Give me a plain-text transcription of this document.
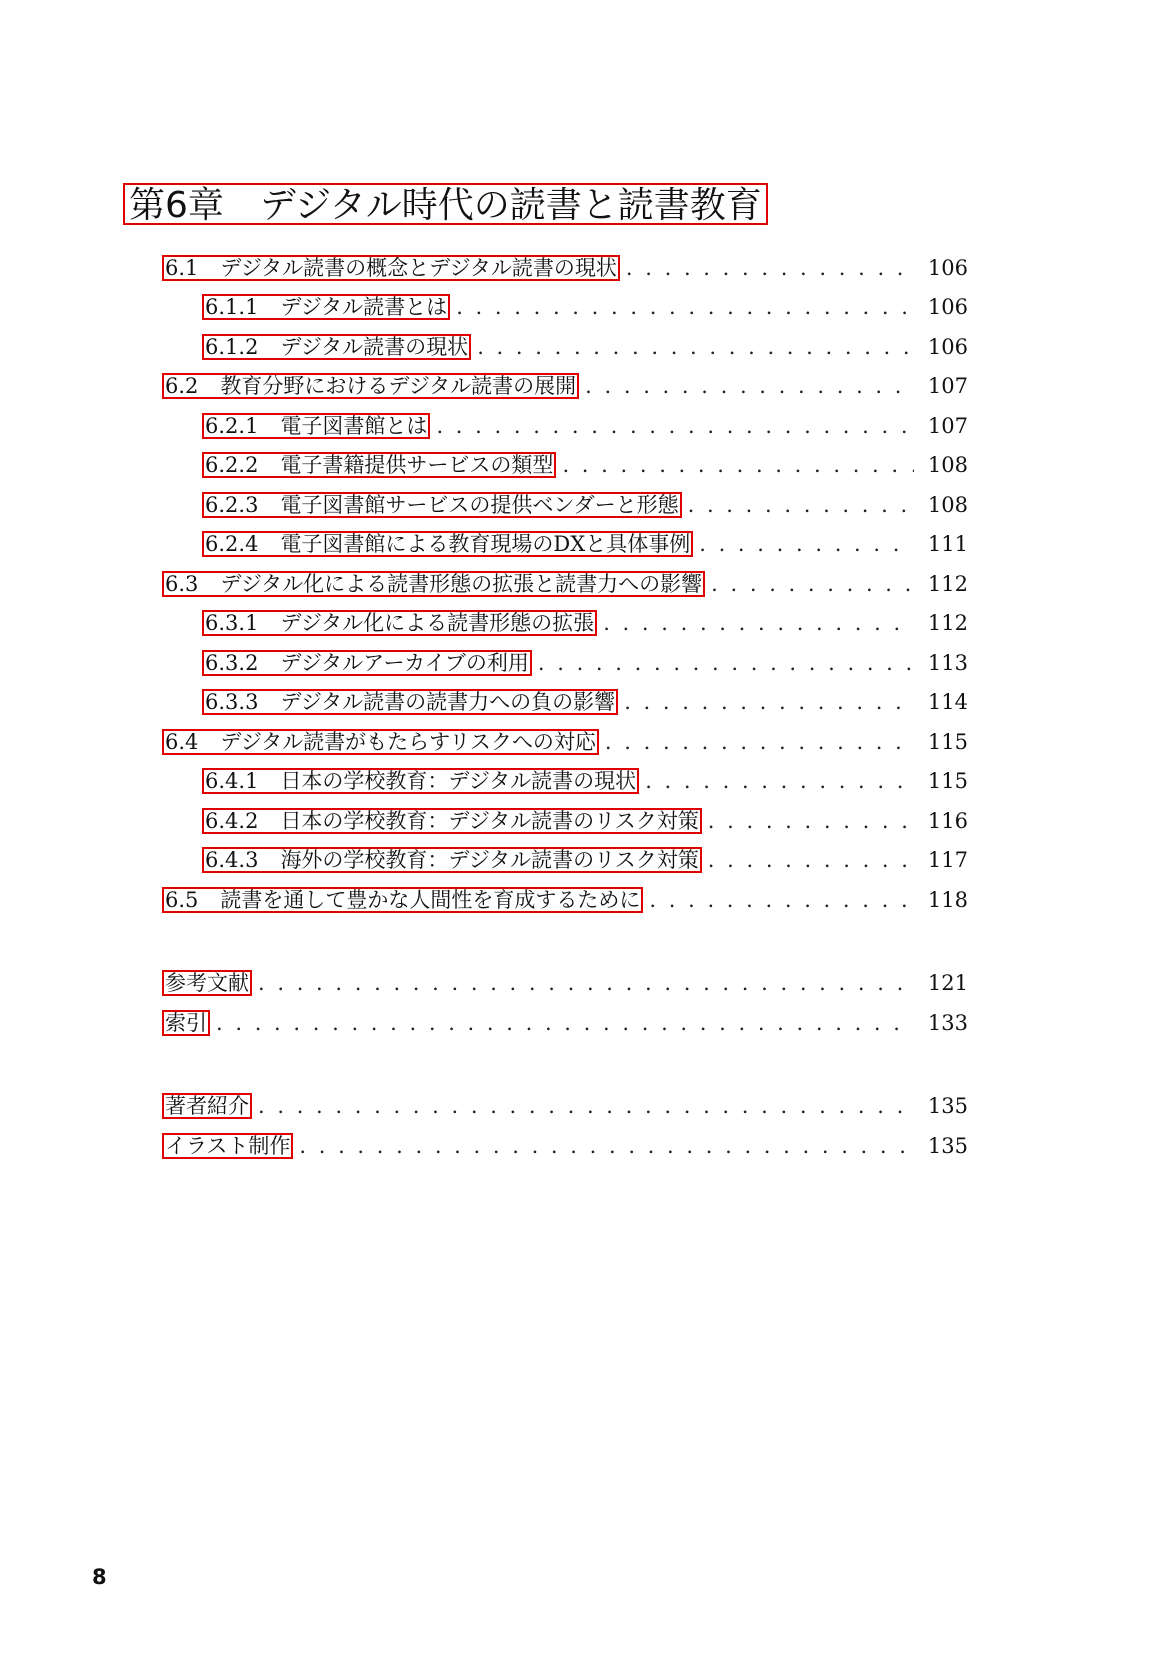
第6章　デジタル時代の読書と読書教育
6.1 デジタル読書の概念とデジタル読書の現状 . . .	106
6.1.1 デジタル読書とは . . .	106
6.1.2 デジタル読書の現状 . . .	106
6.2 教育分野におけるデジタル読書の展開 . . .	107
6.2.1 電子図書館とは . . .	107
6.2.2 電子書籍提供サービスの類型 . . .	108
6.2.3 電子図書館サービスの提供ベンダーと形態 . . .	108
6.2.4 電子図書館による教育現場のDXと具体事例 . . .	111
6.3 デジタル化による読書形態の拡張と読書力への影響 . . .	112
6.3.1 デジタル化による読書形態の拡張 . . .	112
6.3.2 デジタルアーカイブの利用 . . .	113
6.3.3 デジタル読書の読書力への負の影響 . . .	114
6.4 デジタル読書がもたらすリスクへの対応 . . .	115
6.4.1 日本の学校教育：デジタル読書の現状 . . .	115
6.4.2 日本の学校教育：デジタル読書のリスク対策 . . .	116
6.4.3 海外の学校教育：デジタル読書のリスク対策 . . .	117
6.5 読書を通して豊かな人間性を育成するために . . .	118
参考文献 . . .	121
索引 . . .	133
著者紹介 . . .	135
イラスト制作 . . .	135
8
